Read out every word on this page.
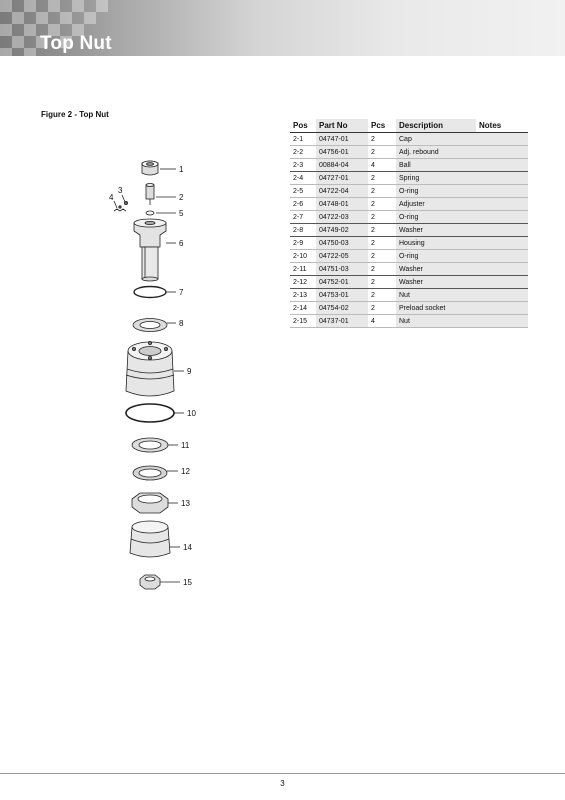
Top Nut
Figure 2 - Top Nut
1
2
3
4
5
6
7
8
9
10
11
12
13
14
15
Pos	Part No	Pcs	Description	Notes
2-1	04747-01	2	Cap	
2-2	04756-01	2	Adj. rebound	
2-3	00884-04	4	Ball	
2-4	04727-01	2	Spring	
2-5	04722-04	2	O-ring	
2-6	04748-01	2	Adjuster	
2-7	04722-03	2	O-ring	
2-8	04749-02	2	Washer	
2-9	04750-03	2	Housing	
2-10	04722-05	2	O-ring	
2-11	04751-03	2	Washer	
2-12	04752-01	2	Washer	
2-13	04753-01	2	Nut	
2-14	04754-02	2	Preload socket	
2-15	04737-01	4	Nut	
3
